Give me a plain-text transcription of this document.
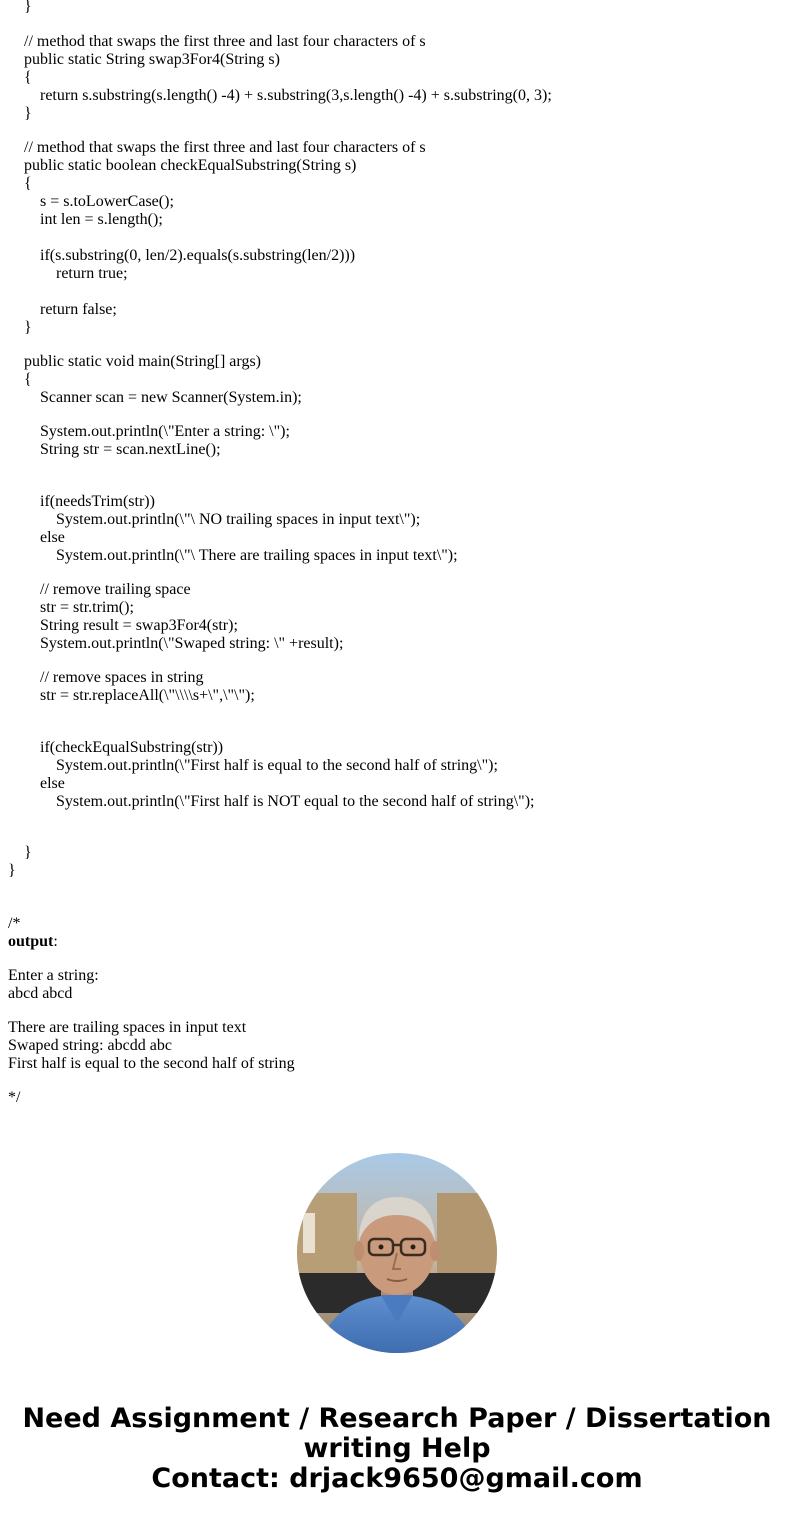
}
// method that swaps the first three and last four characters of s
public static String swap3For4(String s)
{
return s.substring(s.length() -4) + s.substring(3,s.length() -4) + s.substring(0, 3);
}
// method that swaps the first three and last four characters of s
public static boolean checkEqualSubstring(String s)
{
s = s.toLowerCase();
int len = s.length();
if(s.substring(0, len/2).equals(s.substring(len/2)))
return true;
return false;
}
public static void main(String[] args)
{
Scanner scan = new Scanner(System.in);
System.out.println(\"Enter a string: \");
String str = scan.nextLine();
if(needsTrim(str))
System.out.println(\"\ NO trailing spaces in input text\");
else
System.out.println(\"\ There are trailing spaces in input text\");
// remove trailing space
str = str.trim();
String result = swap3For4(str);
System.out.println(\"Swaped string: \" +result);
// remove spaces in string
str = str.replaceAll(\"\\\\s+\",\"\");
if(checkEqualSubstring(str))
System.out.println(\"First half is equal to the second half of string\");
else
System.out.println(\"First half is NOT equal to the second half of string\");
}
}
/*
output:
Enter a string:
abcd abcd
There are trailing spaces in input text
Swaped string: abcdd abc
First half is equal to the second half of string
*/
Need Assignment / Research Paper / Dissertation
writing Help
Contact: drjack9650@gmail.com
